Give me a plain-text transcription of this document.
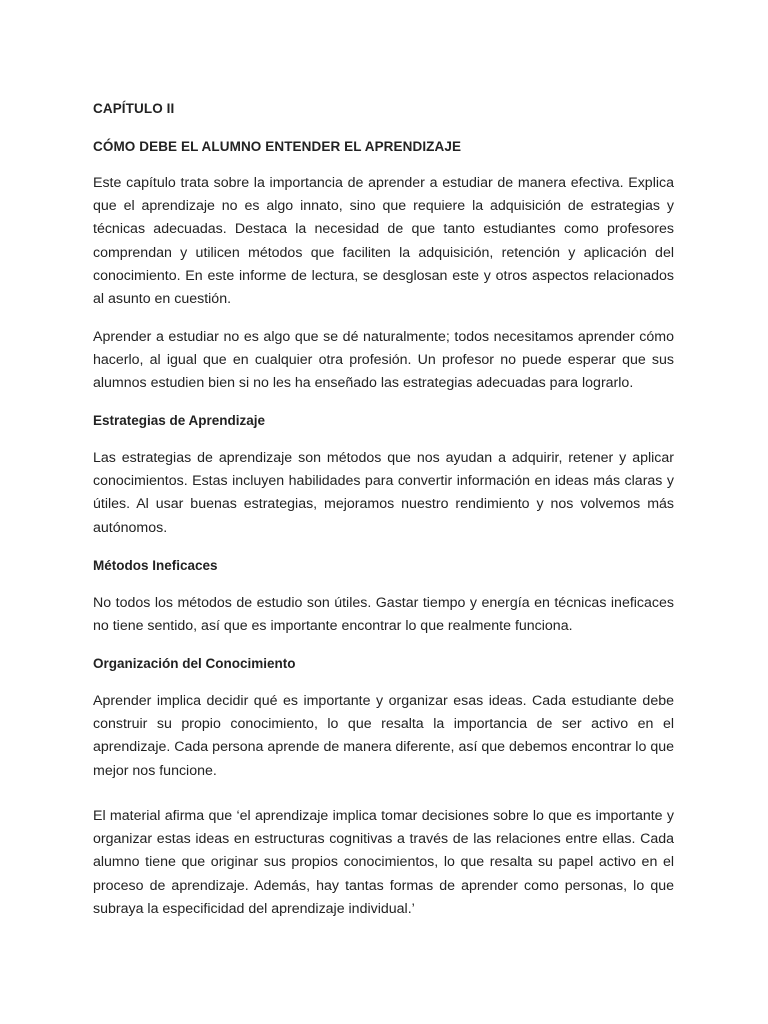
CAPÍTULO II
CÓMO DEBE EL ALUMNO ENTENDER EL APRENDIZAJE

Este capítulo trata sobre la importancia de aprender a estudiar de manera efectiva. Explica que el aprendizaje no es algo innato, sino que requiere la adquisición de estrategias y técnicas adecuadas. Destaca la necesidad de que tanto estudiantes como profesores comprendan y utilicen métodos que faciliten la adquisición, retención y aplicación del conocimiento. En este informe de lectura, se desglosan este y otros aspectos relacionados al asunto en cuestión.

Aprender a estudiar no es algo que se dé naturalmente; todos necesitamos aprender cómo hacerlo, al igual que en cualquier otra profesión. Un profesor no puede esperar que sus alumnos estudien bien si no les ha enseñado las estrategias adecuadas para lograrlo.

Estrategias de Aprendizaje

Las estrategias de aprendizaje son métodos que nos ayudan a adquirir, retener y aplicar conocimientos. Estas incluyen habilidades para convertir información en ideas más claras y útiles. Al usar buenas estrategias, mejoramos nuestro rendimiento y nos volvemos más autónomos.

Métodos Ineficaces

No todos los métodos de estudio son útiles. Gastar tiempo y energía en técnicas ineficaces no tiene sentido, así que es importante encontrar lo que realmente funciona.

Organización del Conocimiento

Aprender implica decidir qué es importante y organizar esas ideas. Cada estudiante debe construir su propio conocimiento, lo que resalta la importancia de ser activo en el aprendizaje. Cada persona aprende de manera diferente, así que debemos encontrar lo que mejor nos funcione.

El material afirma que ‘el aprendizaje implica tomar decisiones sobre lo que es importante y organizar estas ideas en estructuras cognitivas a través de las relaciones entre ellas. Cada alumno tiene que originar sus propios conocimientos, lo que resalta su papel activo en el proceso de aprendizaje. Además, hay tantas formas de aprender como personas, lo que subraya la especificidad del aprendizaje individual.’
